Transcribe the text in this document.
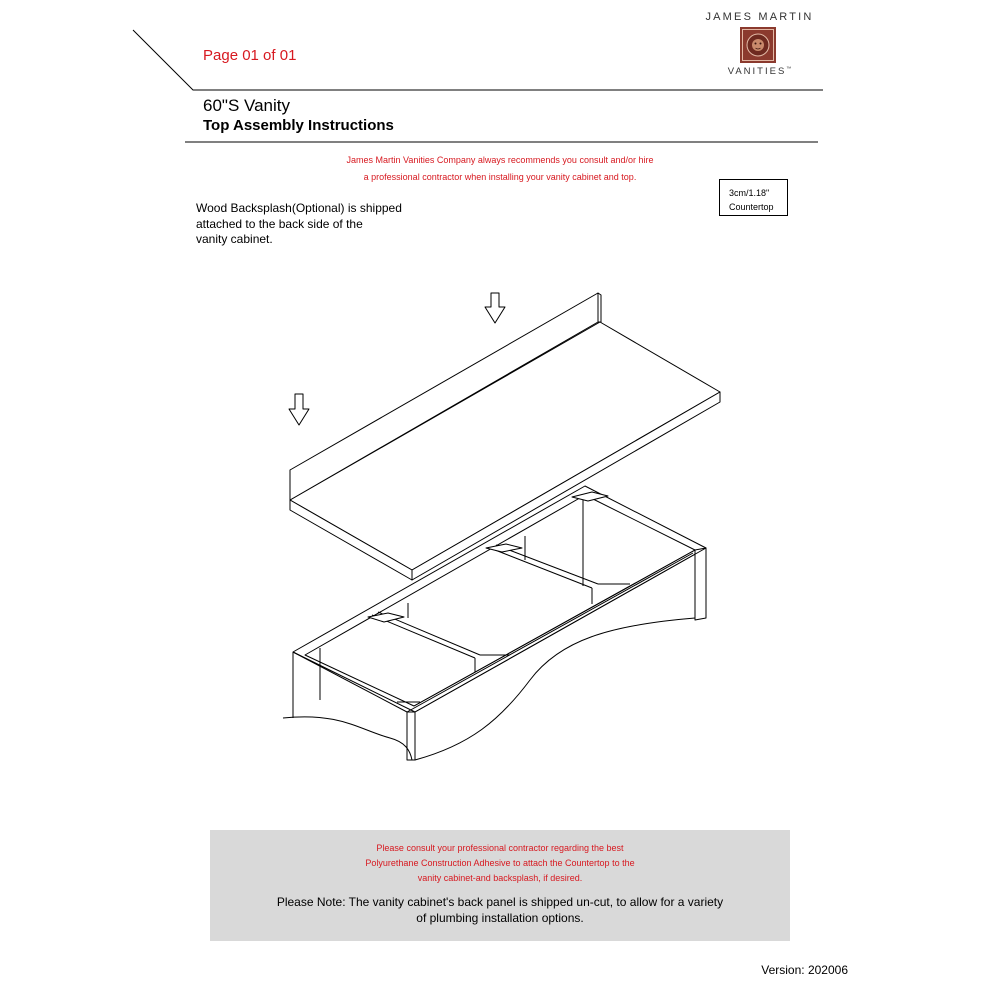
Page 01 of 01
JAMES MARTIN
VANITIES™
60"S Vanity
Top Assembly Instructions
James Martin Vanities Company always recommends you consult and/or hire
a professional contractor when installing your vanity cabinet and top.
3cm/1.18"
Countertop
Wood Backsplash(Optional) is shipped
attached to the back side of the
vanity cabinet.
Please consult your professional contractor regarding the best
Polyurethane Construction Adhesive to attach the Countertop to the
vanity cabinet-and backsplash, if desired.
Please Note: The vanity cabinet's back panel is shipped un-cut, to allow for a variety
of plumbing installation options.
Version: 202006
